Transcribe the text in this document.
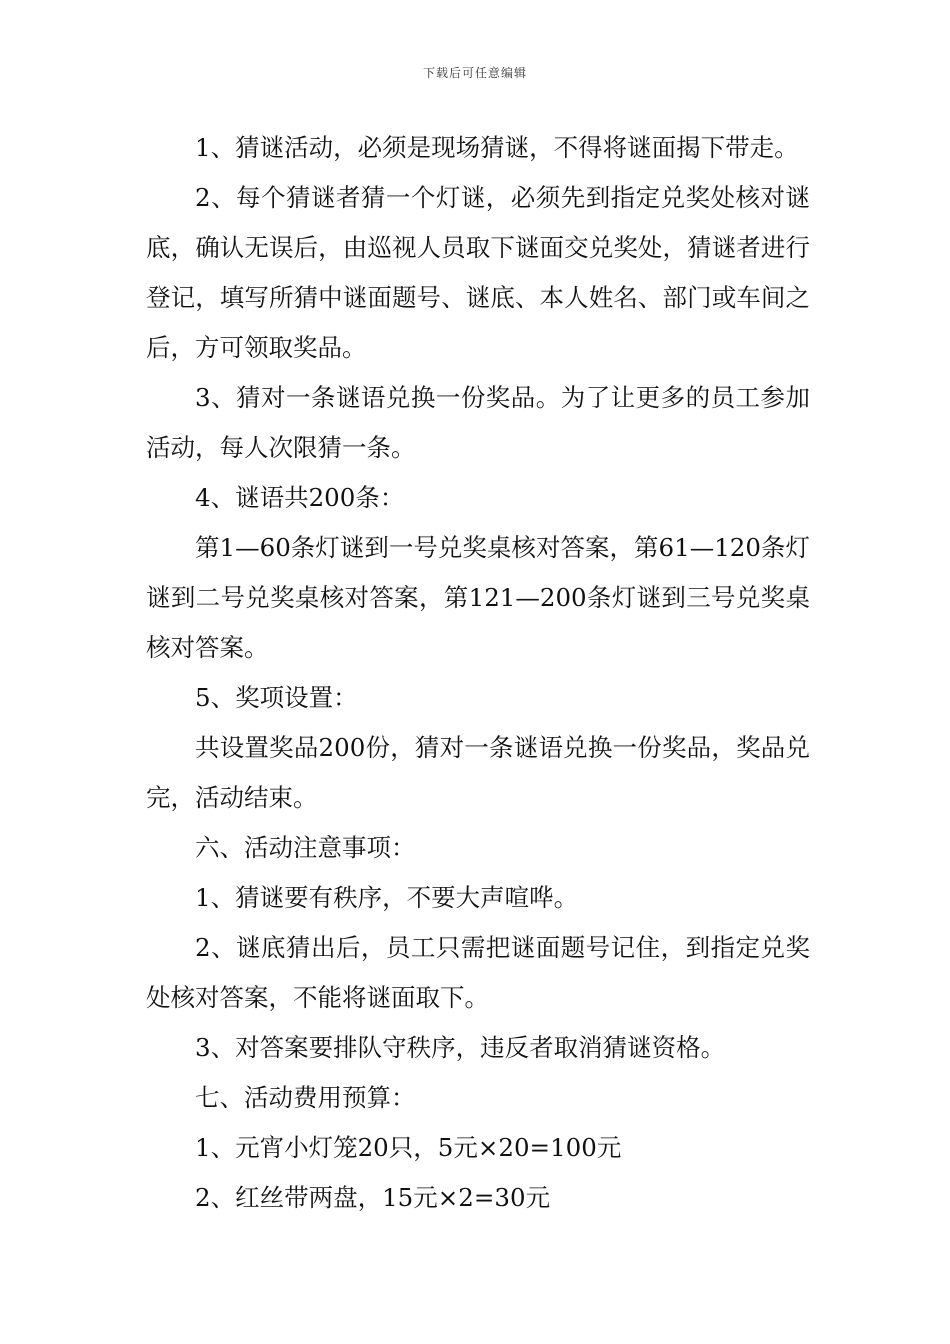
下载后可任意编辑

1、猜谜活动，必须是现场猜谜，不得将谜面揭下带走。

2、每个猜谜者猜一个灯谜，必须先到指定兑奖处核对谜底，确认无误后，由巡视人员取下谜面交兑奖处，猜谜者进行登记，填写所猜中谜面题号、谜底、本人姓名、部门或车间之后，方可领取奖品。

3、猜对一条谜语兑换一份奖品。为了让更多的员工参加活动，每人次限猜一条。

4、谜语共200条：

第1—60条灯谜到一号兑奖桌核对答案，第61—120条灯谜到二号兑奖桌核对答案，第121—200条灯谜到三号兑奖桌核对答案。

5、奖项设置：

共设置奖品200份，猜对一条谜语兑换一份奖品，奖品兑完，活动结束。

六、活动注意事项：

1、猜谜要有秩序，不要大声喧哗。

2、谜底猜出后，员工只需把谜面题号记住，到指定兑奖处核对答案，不能将谜面取下。

3、对答案要排队守秩序，违反者取消猜谜资格。

七、活动费用预算：

1、元宵小灯笼20只，5元×20=100元

2、红丝带两盘，15元×2=30元
